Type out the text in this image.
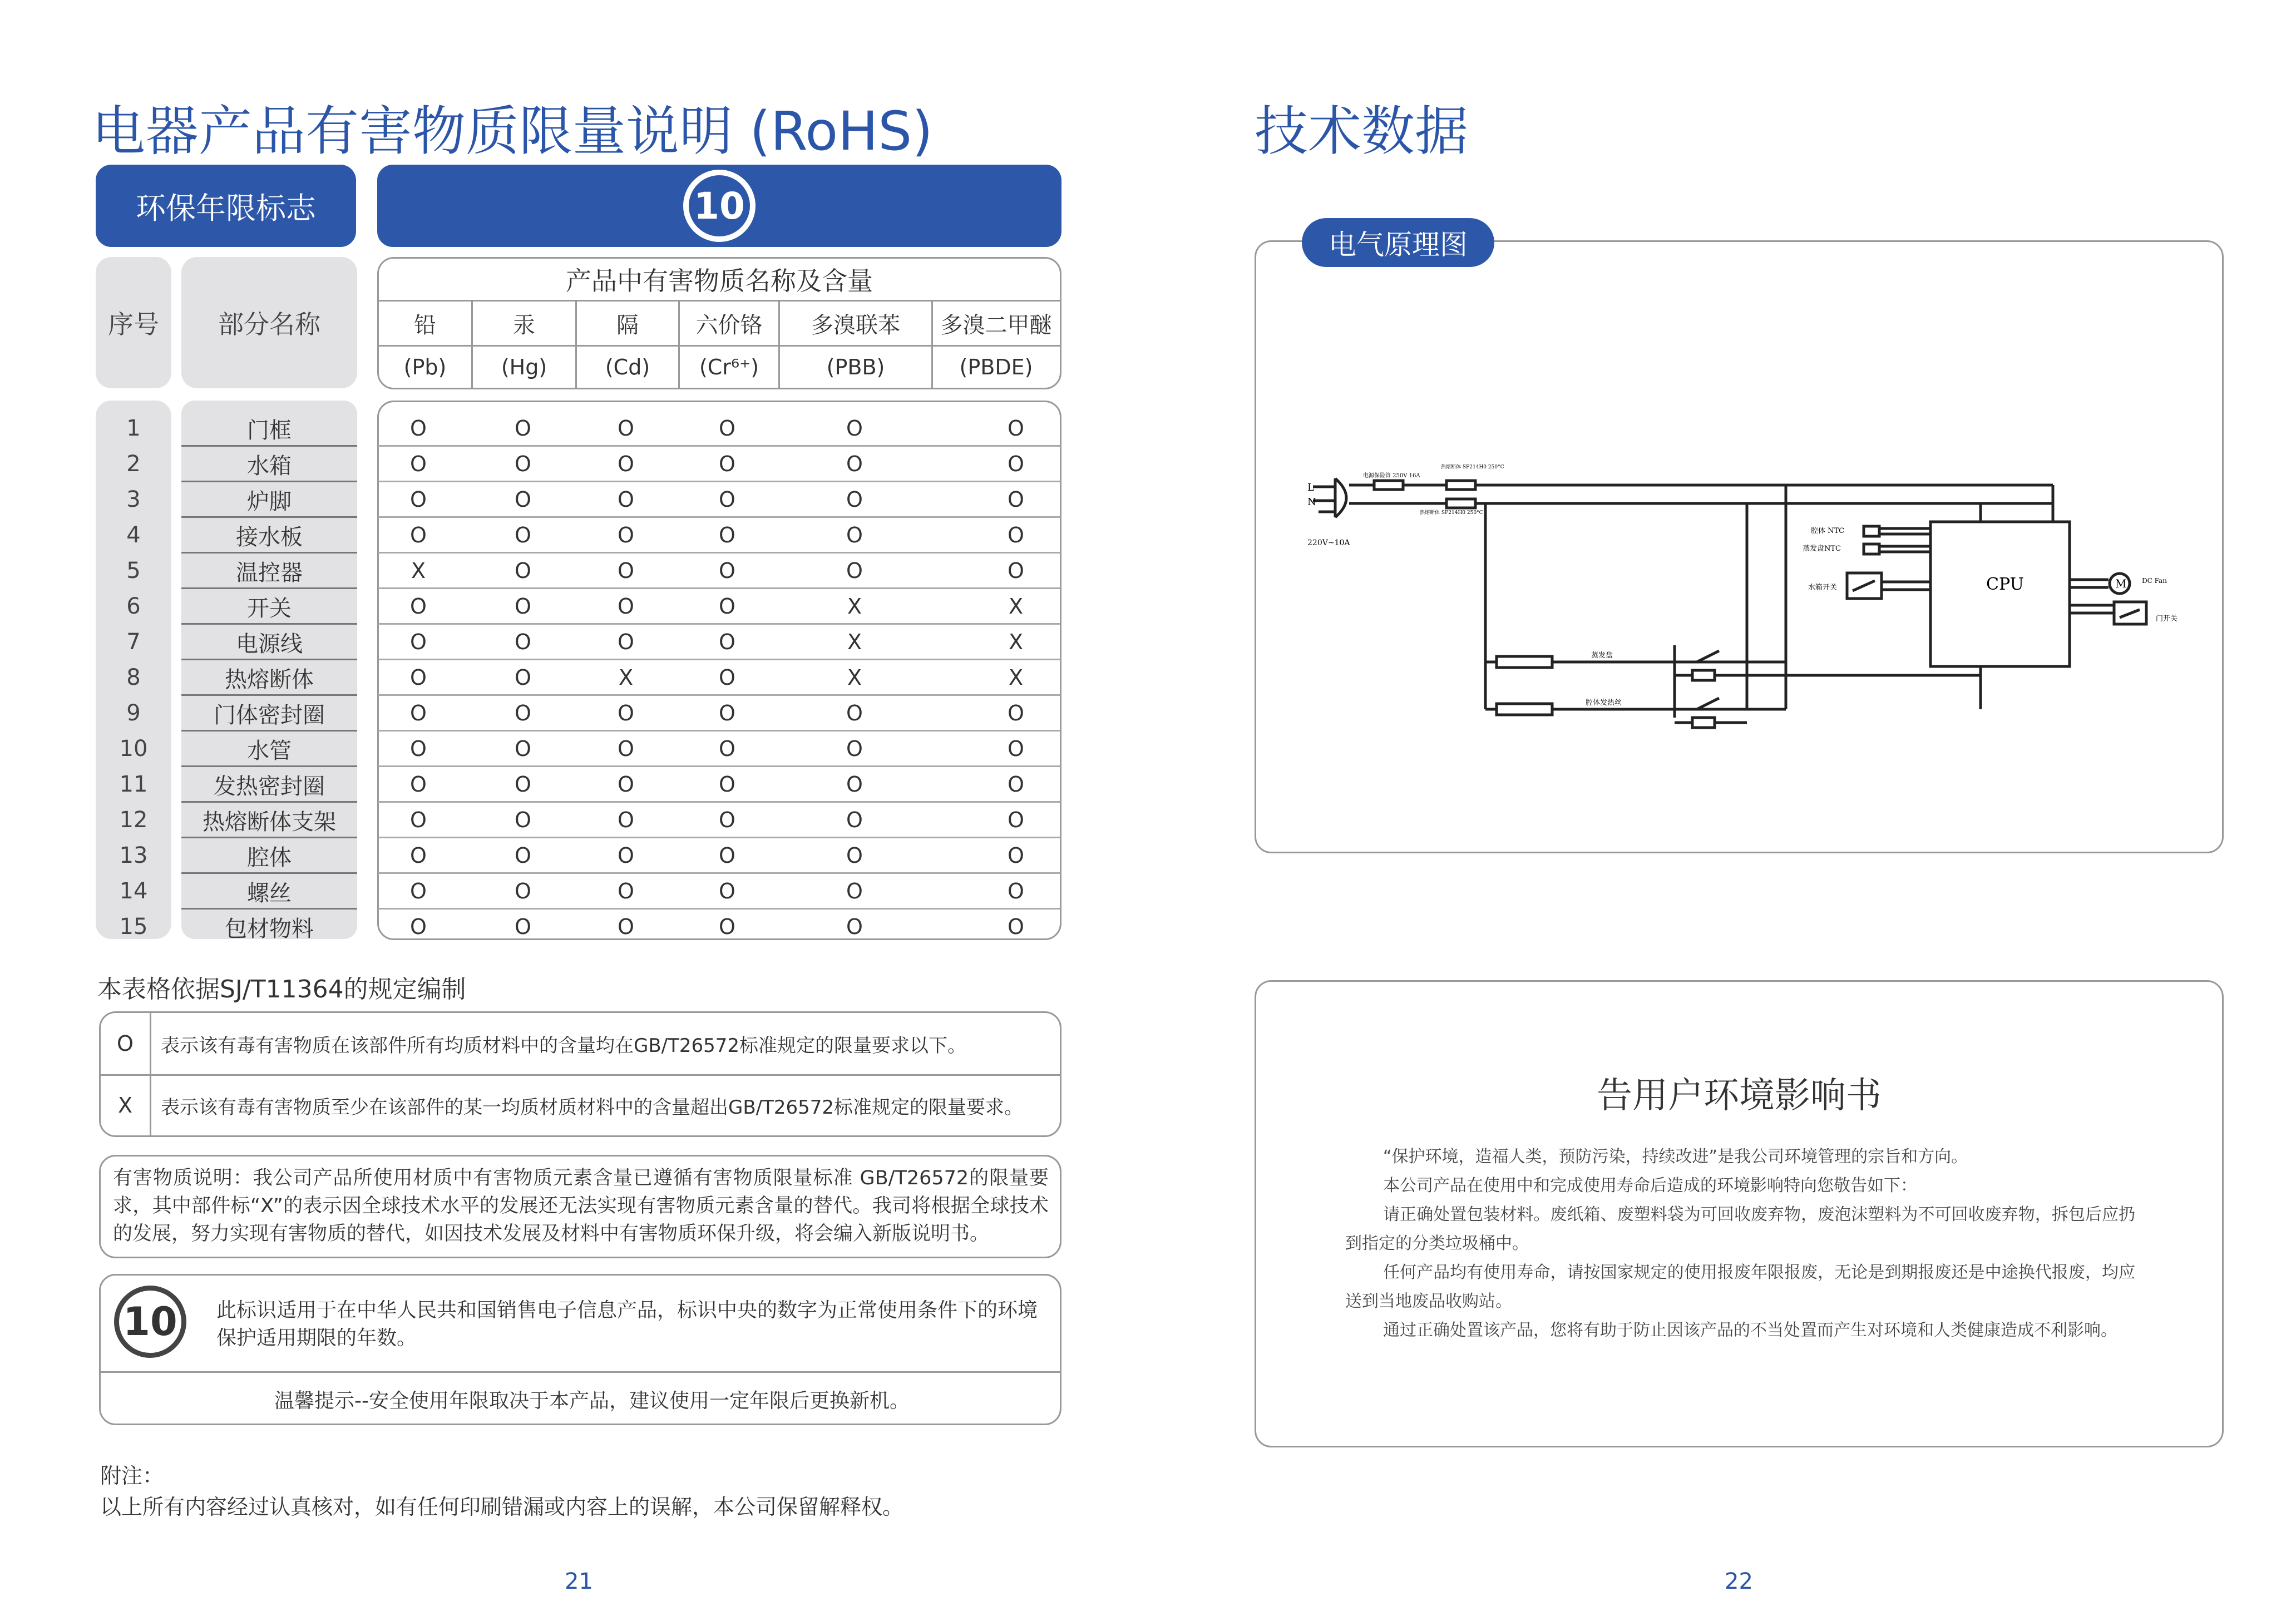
电器产品有害物质限量说明 (RoHS)
环保年限标志	10
序号 部分名称
产品中有害物质名称及含量
铅	汞	隔	六价铬	多溴联苯	多溴二甲醚
(Pb)	(Hg)	(Cd)	(Cr⁶⁺)	(PBB)	(PBDE)
1	门框	O	O	O	O	O	O
2	水箱	O	O	O	O	O	O
3	炉脚	O	O	O	O	O	O
4	接水板	O	O	O	O	O	O
5	温控器	X	O	O	O	O	O
6	开关	O	O	O	O	X	X
7	电源线	O	O	O	O	X	X
8	热熔断体	O	O	X	O	X	X
9	门体密封圈	O	O	O	O	O	O
10	水管	O	O	O	O	O	O
11	发热密封圈	O	O	O	O	O	O
12	热熔断体支架	O	O	O	O	O	O
13	腔体	O	O	O	O	O	O
14	螺丝	O	O	O	O	O	O
15	包材物料	O	O	O	O	O	O
本表格依据SJ/T11364的规定编制
O	表示该有毒有害物质在该部件所有均质材料中的含量均在GB/T26572标准规定的限量要求以下。
X	表示该有毒有害物质至少在该部件的某一均质材质材料中的含量超出GB/T26572标准规定的限量要求。
有害物质说明：我公司产品所使用材质中有害物质元素含量已遵循有害物质限量标准 GB/T26572的限量要求，其中部件标“X”的表示因全球技术水平的发展还无法实现有害物质元素含量的替代。我司将根据全球技术的发展，努力实现有害物质的替代，如因技术发展及材料中有害物质环保升级，将会编入新版说明书。
10 此标识适用于在中华人民共和国销售电子信息产品，标识中央的数字为正常使用条件下的环境保护适用期限的年数。
温馨提示--安全使用年限取决于本产品，建议使用一定年限后更换新机。
附注：
以上所有内容经过认真核对，如有任何印刷错漏或内容上的误解，本公司保留解释权。
21
技术数据
电气原理图
L
N
220V~10A
电源保险管 250V 16A
热熔断体 SF214H0 250°C
热熔断体 SF214H0 250°C
腔体 NTC
蒸发盘NTC
CPU
水箱开关	M DC Fan
门开关
蒸发盘
腔体发热丝
告用户环境影响书
“保护环境，造福人类，预防污染，持续改进”是我公司环境管理的宗旨和方向。
本公司产品在使用中和完成使用寿命后造成的环境影响特向您敬告如下：
请正确处置包装材料。废纸箱、废塑料袋为可回收废弃物，废泡沫塑料为不可回收废弃物，拆包后应扔到指定的分类垃圾桶中。
任何产品均有使用寿命，请按国家规定的使用报废年限报废，无论是到期报废还是中途换代报废，均应送到当地废品收购站。
通过正确处置该产品，您将有助于防止因该产品的不当处置而产生对环境和人类健康造成不利影响。
22
